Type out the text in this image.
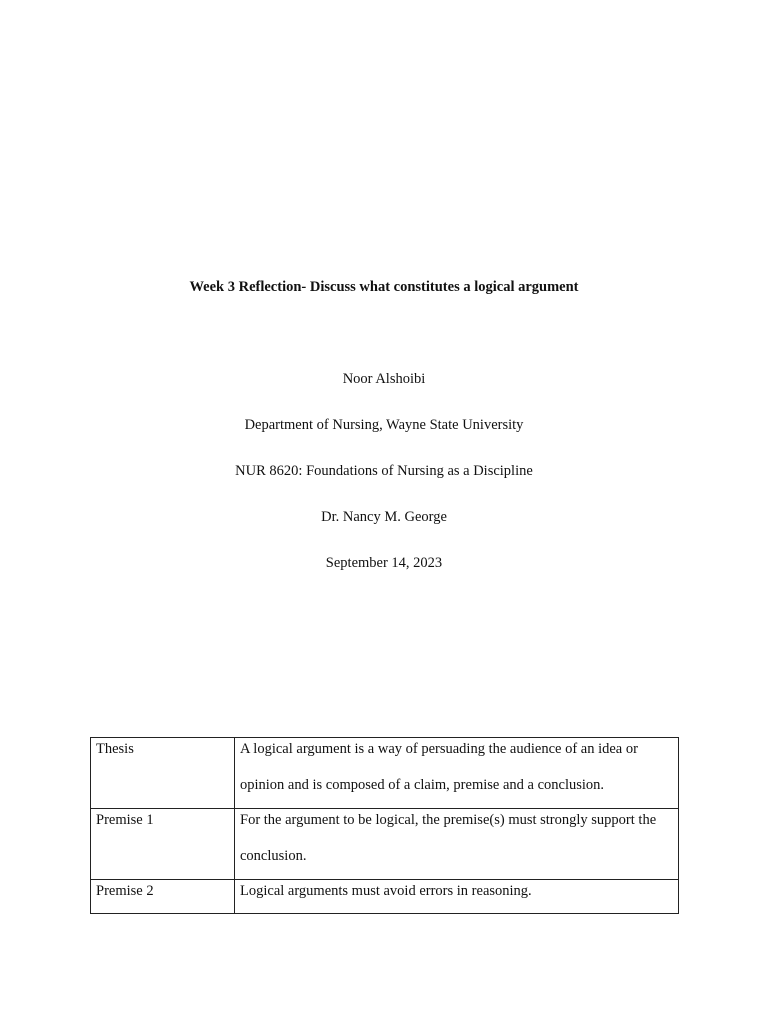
Week 3 Reflection- Discuss what constitutes a logical argument
Noor Alshoibi
Department of Nursing, Wayne State University
NUR 8620: Foundations of Nursing as a Discipline
Dr. Nancy M. George
September 14, 2023
Thesis	A logical argument is a way of persuading the audience of an idea or opinion and is composed of a claim, premise and a conclusion.

Premise 1	For the argument to be logical, the premise(s) must strongly support the conclusion.

Premise 2	Logical arguments must avoid errors in reasoning.
